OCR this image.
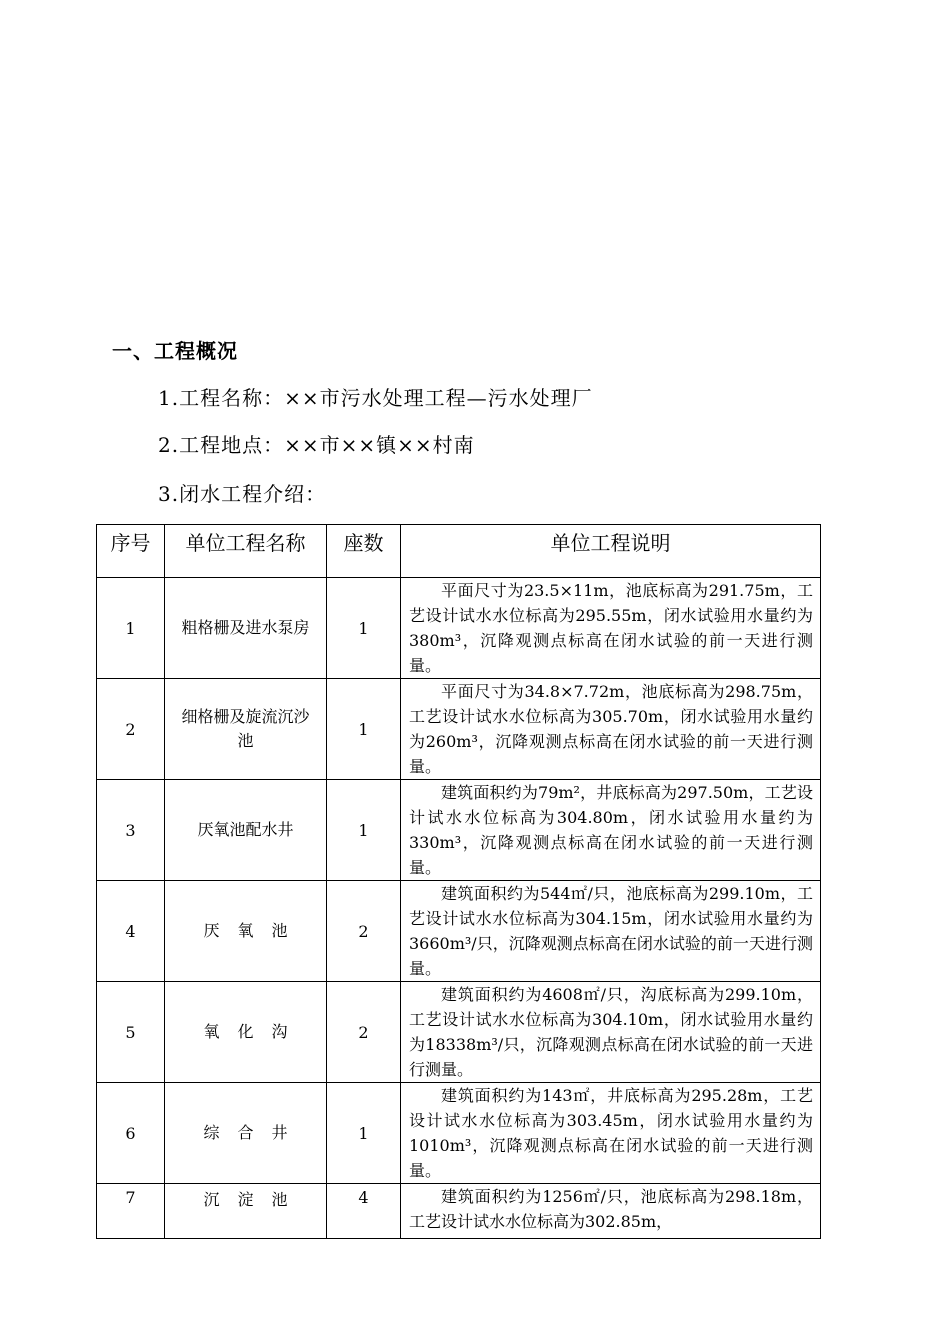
一、工程概况
1.工程名称：××市污水处理工程—污水处理厂
2.工程地点：××市××镇××村南
3.闭水工程介绍：
序号	单位工程名称	座数	单位工程说明
1	粗格栅及进水泵房	1	平面尺寸为23.5×11m，池底标高为291.75m，工艺设计试水水位标高为295.55m，闭水试验用水量约为380m³，沉降观测点标高在闭水试验的前一天进行测量。
2	细格栅及旋流沉沙池	1	平面尺寸为34.8×7.72m，池底标高为298.75m，工艺设计试水水位标高为305.70m，闭水试验用水量约为260m³，沉降观测点标高在闭水试验的前一天进行测量。
3	厌氧池配水井	1	建筑面积约为79m²，井底标高为297.50m，工艺设计试水水位标高为304.80m，闭水试验用水量约为330m³，沉降观测点标高在闭水试验的前一天进行测量。
4	厌氧池	2	建筑面积约为544㎡/只，池底标高为299.10m，工艺设计试水水位标高为304.15m，闭水试验用水量约为3660m³/只，沉降观测点标高在闭水试验的前一天进行测量。
5	氧化沟	2	建筑面积约为4608㎡/只，沟底标高为299.10m，工艺设计试水水位标高为304.10m，闭水试验用水量约为18338m³/只，沉降观测点标高在闭水试验的前一天进行测量。
6	综合井	1	建筑面积约为143㎡，井底标高为295.28m，工艺设计试水水位标高为303.45m，闭水试验用水量约为1010m³，沉降观测点标高在闭水试验的前一天进行测量。
7	沉淀池	4	建筑面积约为1256㎡/只，池底标高为298.18m，工艺设计试水水位标高为302.85m，
